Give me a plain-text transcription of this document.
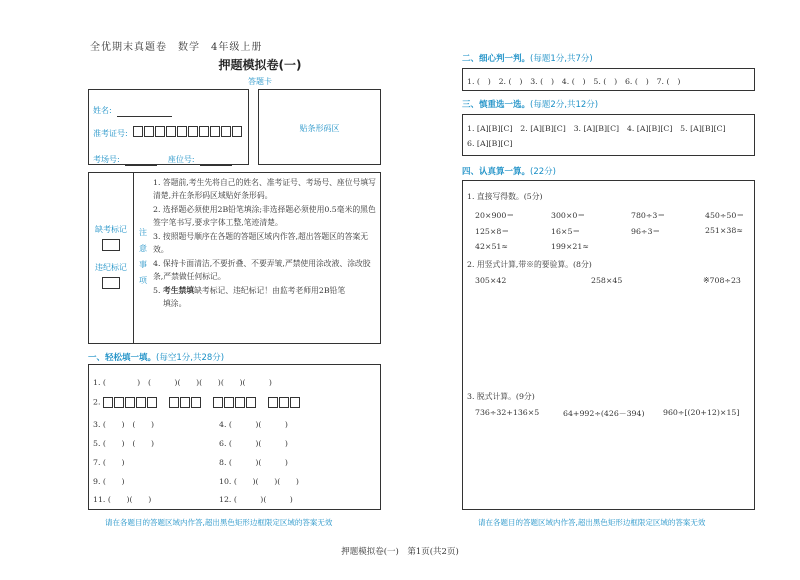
全优期末真题卷　数学　4年级上册
押题模拟卷(一)
答题卡
姓名:
准考证号:
考场号:	座位号:
贴条形码区
缺考标记
违纪标记
注
意
事
项
1. 答题前,考生先将自己的姓名、准考证号、考场号、座位号填写清楚,并在条形码区域贴好条形码。
2. 选择题必须使用2B铅笔填涂;非选择题必须使用0.5毫米的黑色签字笔书写,要求字体工整,笔迹清楚。
3. 按照题号顺序在各题的答题区域内作答,超出答题区的答案无效。
4. 保持卡面清洁,不要折叠、不要弄皱,严禁使用涂改液、涂改胶条,严禁做任何标记。
5. 考生禁填缺考标记、违纪标记！由监考老师用2B铅笔
填涂。
一、轻松填一填。(每空1分,共28分)
1. (　　　　)　(　　　)(　　)(　　)(　　)(　　　)
2.
3. (　　)　(　　)	4. (　　　)(　　　)
5. (　　)　(　　)	6. (　　　)(　　　)
7. (　　)	8. (　　　)(　　　)
9. (　　)	10. (　　)(　　)(　　)
11. (　　)(　　)	12. (　　　)(　　　)
请在各题目的答题区域内作答,超出黑色矩形边框限定区域的答案无效
二、细心判一判。(每题1分,共7分)
1. (　)　2. (　)　3. (　)　4. (　)　5. (　)　6. (　)　7. (　)
三、慎重选一选。(每题2分,共12分)
1. [A][B][C]　2. [A][B][C]　3. [A][B][C]　4. [A][B][C]　5. [A][B][C]
6. [A][B][C]
四、认真算一算。(22分)
1. 直接写得数。(5分)
20×900＝	300×0＝	780÷3＝	450÷50＝
125×8＝	16×5＝	96÷3＝	251×38≈
42×51≈	199×21≈
2. 用竖式计算,带※的要验算。(8分)
305×42	258×45	※708÷23
3. 脱式计算。(9分)
736÷32+136×5	64+992÷(426－394) 960÷[(20+12)×15]
请在各题目的答题区域内作答,超出黑色矩形边框限定区域的答案无效
押题模拟卷(一)　第1页(共2页)
